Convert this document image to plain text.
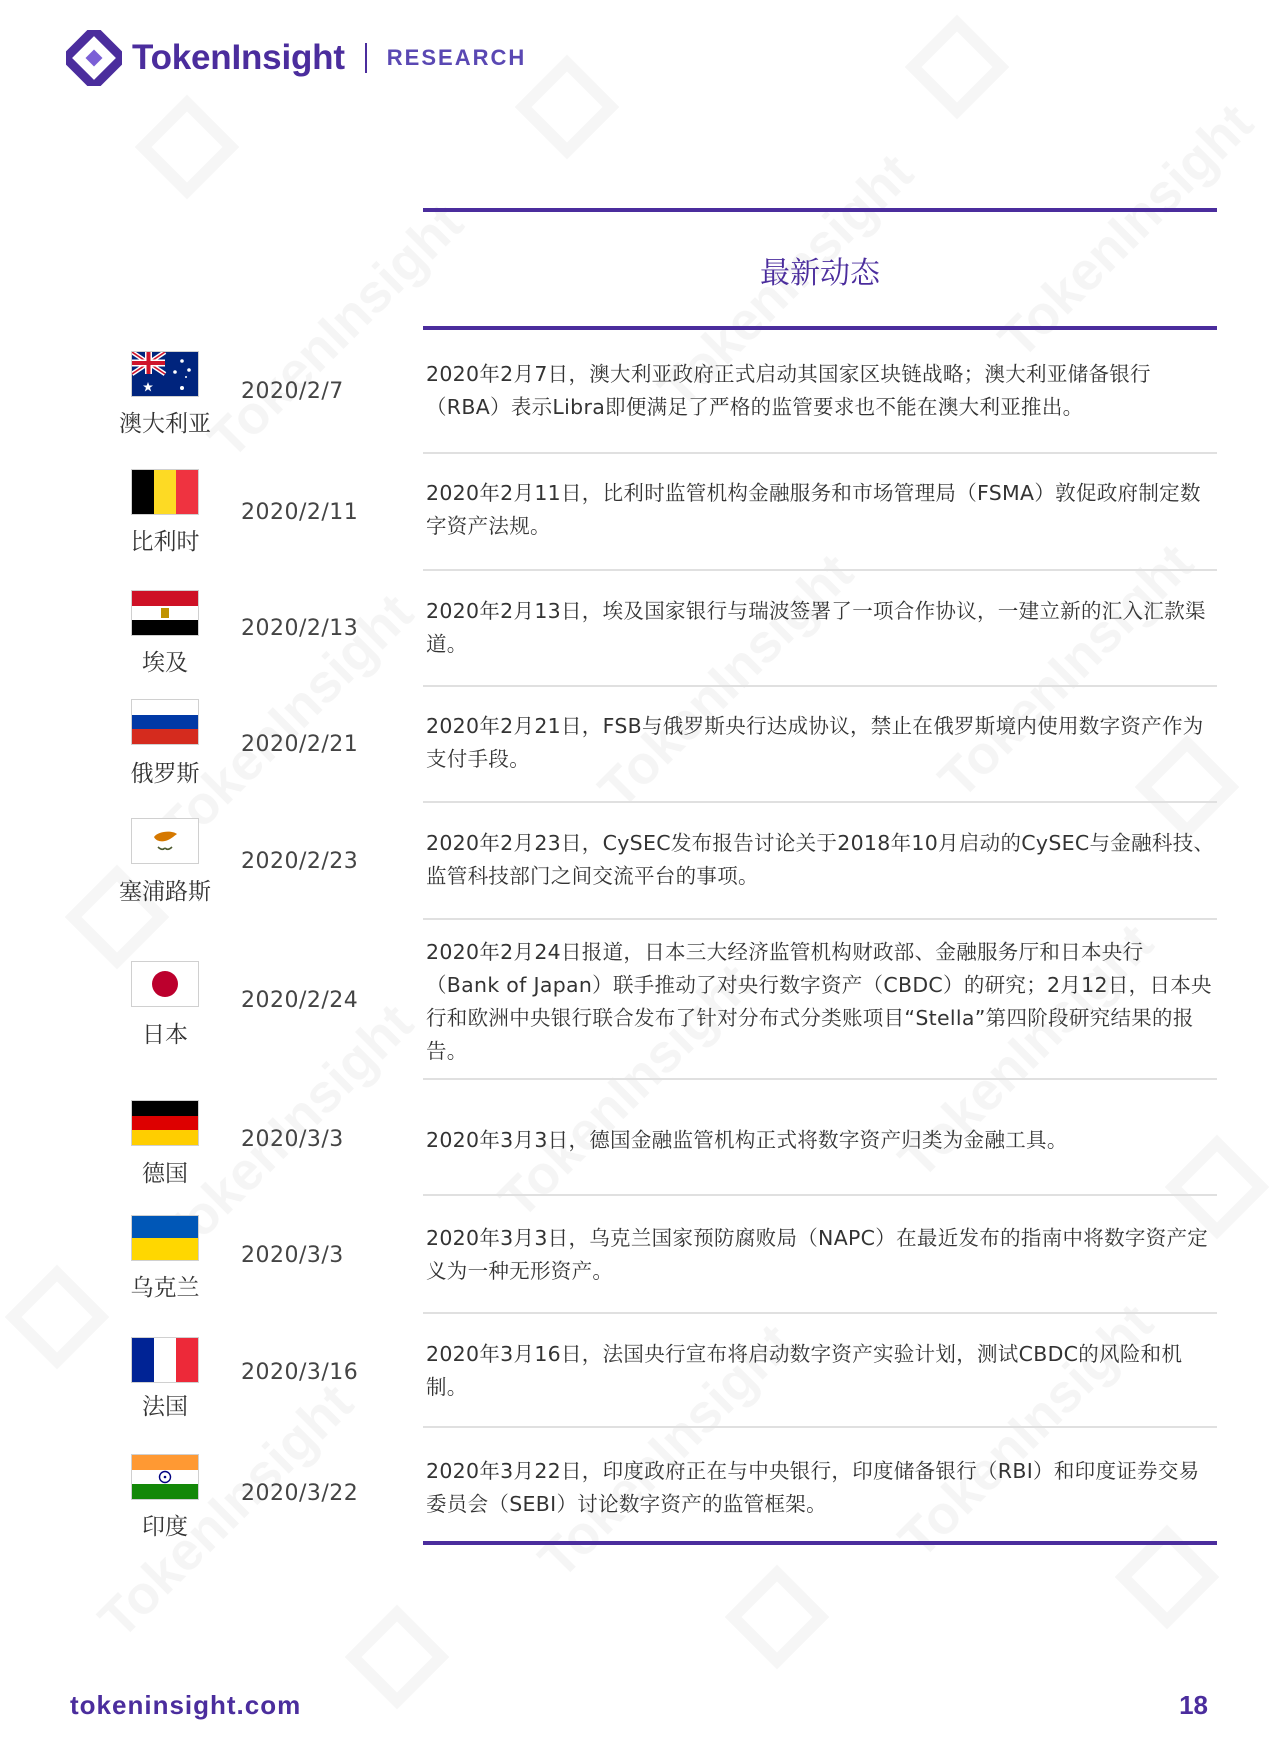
TokenInsight RESEARCH
最新动态
澳大利亚
2020/2/7
2020年2月7日，澳大利亚政府正式启动其国家区块链战略；澳大利亚储备银行（RBA）表示Libra即便满足了严格的监管要求也不能在澳大利亚推出。
比利时
2020/2/11
2020年2月11日，比利时监管机构金融服务和市场管理局（FSMA）敦促政府制定数字资产法规。
埃及
2020/2/13
2020年2月13日，埃及国家银行与瑞波签署了一项合作协议，一建立新的汇入汇款渠道。
俄罗斯
2020/2/21
2020年2月21日，FSB与俄罗斯央行达成协议，禁止在俄罗斯境内使用数字资产作为支付手段。
塞浦路斯
2020/2/23
2020年2月23日，CySEC发布报告讨论关于2018年10月启动的CySEC与金融科技、监管科技部门之间交流平台的事项。
日本
2020/2/24
2020年2月24日报道，日本三大经济监管机构财政部、金融服务厅和日本央行（Bank of Japan）联手推动了对央行数字资产（CBDC）的研究；2月12日，日本央行和欧洲中央银行联合发布了针对分布式分类账项目“Stella”第四阶段研究结果的报告。
德国
2020/3/3	2020年3月3日，德国金融监管机构正式将数字资产归类为金融工具。
乌克兰
2020/3/3
2020年3月3日，乌克兰国家预防腐败局（NAPC）在最近发布的指南中将数字资产定义为一种无形资产。
法国
2020/3/16
2020年3月16日，法国央行宣布将启动数字资产实验计划，测试CBDC的风险和机制。
印度
2020/3/22
2020年3月22日，印度政府正在与中央银行，印度储备银行（RBI）和印度证券交易委员会（SEBI）讨论数字资产的监管框架。
tokeninsight.com	18
